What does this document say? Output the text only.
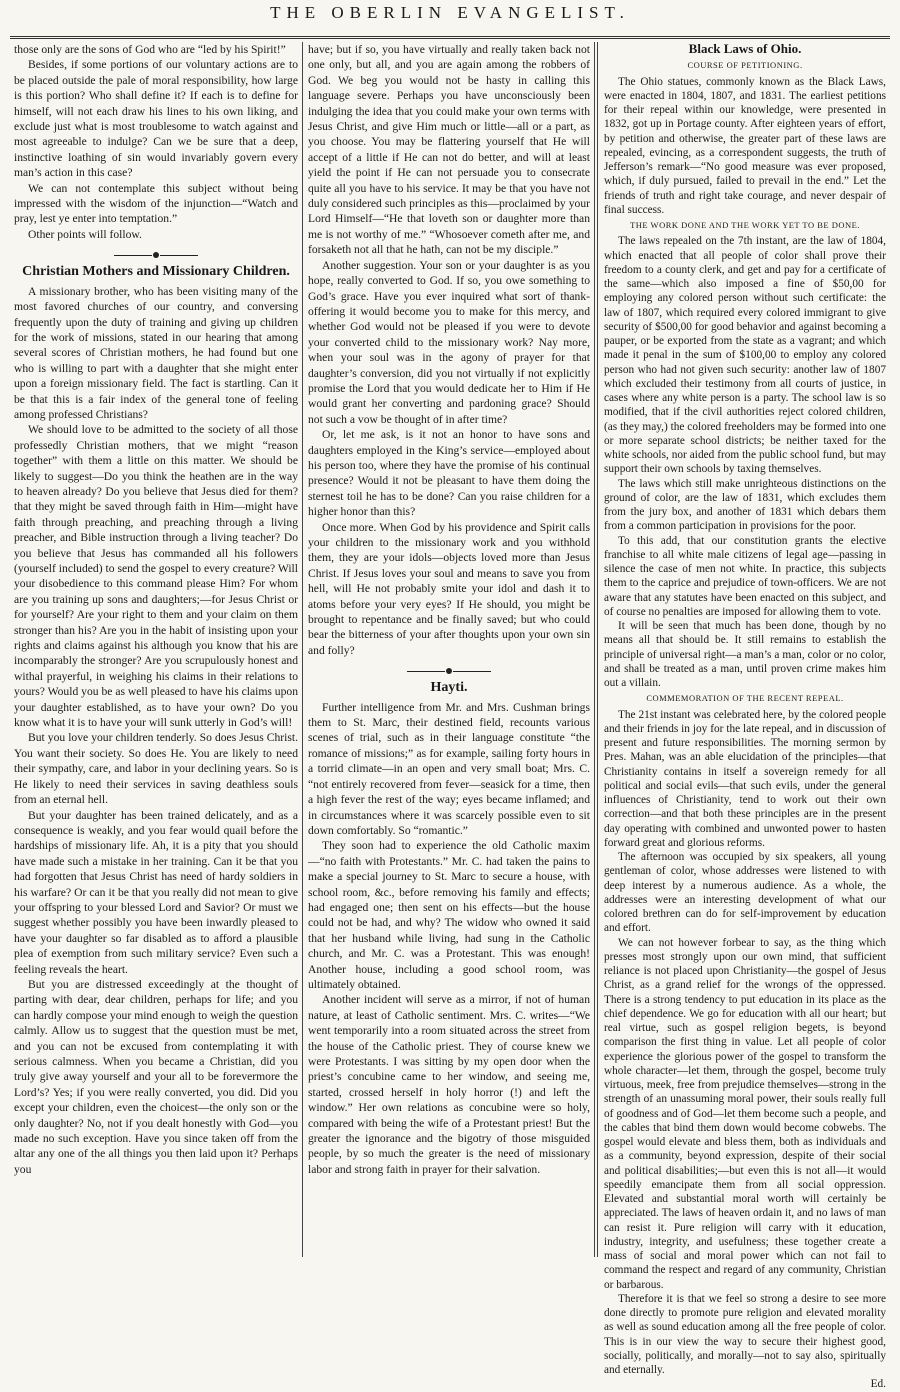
THE OBERLIN EVANGELIST.

those only are the sons of God who are “led by his Spirit!”

Besides, if some portions of our voluntary actions are to be placed outside the pale of moral responsibility, how large is this portion? Who shall define it? If each is to define for himself, will not each draw his lines to his own liking, and exclude just what is most troublesome to watch against and most agreeable to indulge? Can we be sure that a deep, instinctive loathing of sin would invariably govern every man’s action in this case?

We can not contemplate this subject without being impressed with the wisdom of the injunction—“Watch and pray, lest ye enter into temptation.”

Other points will follow.

Christian Mothers and Missionary Children.

A missionary brother, who has been visiting many of the most favored churches of our country, and conversing frequently upon the duty of training and giving up children for the work of missions, stated in our hearing that among several scores of Christian mothers, he had found but one who is willing to part with a daughter that she might enter upon a foreign missionary field. The fact is startling. Can it be that this is a fair index of the general tone of feeling among professed Christians?

We should love to be admitted to the society of all those professedly Christian mothers, that we might “reason together” with them a little on this matter. We should be likely to suggest—Do you think the heathen are in the way to heaven already? Do you believe that Jesus died for them? that they might be saved through faith in Him—might have faith through preaching, and preaching through a living preacher, and Bible instruction through a living teacher? Do you believe that Jesus has commanded all his followers (yourself included) to send the gospel to every creature? Will your disobedience to this command please Him? For whom are you training up sons and daughters;—for Jesus Christ or for yourself? Are your right to them and your claim on them stronger than his? Are you in the habit of insisting upon your rights and claims against his although you know that his are incomparably the stronger? Are you scrupulously honest and withal prayerful, in weighing his claims in their relations to yours? Would you be as well pleased to have his claims upon your daughter established, as to have your own? Do you know what it is to have your will sunk utterly in God’s will!

But you love your children tenderly. So does Jesus Christ. You want their society. So does He. You are likely to need their sympathy, care, and labor in your declining years. So is He likely to need their services in saving deathless souls from an eternal hell.

But your daughter has been trained delicately, and as a consequence is weakly, and you fear would quail before the hardships of missionary life. Ah, it is a pity that you should have made such a mistake in her training. Can it be that you had forgotten that Jesus Christ has need of hardy soldiers in his warfare? Or can it be that you really did not mean to give your offspring to your blessed Lord and Savior? Or must we suggest whether possibly you have been inwardly pleased to have your daughter so far disabled as to afford a plausible plea of exemption from such military service? Even such a feeling reveals the heart.

But you are distressed exceedingly at the thought of parting with dear, dear children, perhaps for life; and you can hardly compose your mind enough to weigh the question calmly. Allow us to suggest that the question must be met, and you can not be excused from contemplating it with serious calmness. When you became a Christian, did you truly give away yourself and your all to be forevermore the Lord’s? Yes; if you were really converted, you did. Did you except your children, even the choicest—the only son or the only daughter? No, not if you dealt honestly with God—you made no such exception. Have you since taken off from the altar any one of the all things you then laid upon it? Perhaps you

have; but if so, you have virtually and really taken back not one only, but all, and you are again among the robbers of God. We beg you would not be hasty in calling this language severe. Perhaps you have unconsciously been indulging the idea that you could make your own terms with Jesus Christ, and give Him much or little—all or a part, as you choose. You may be flattering yourself that He will accept of a little if He can not do better, and will at least yield the point if He can not persuade you to consecrate quite all you have to his service. It may be that you have not duly considered such principles as this—proclaimed by your Lord Himself—“He that loveth son or daughter more than me is not worthy of me.” “Whosoever cometh after me, and forsaketh not all that he hath, can not be my disciple.”

Another suggestion. Your son or your daughter is as you hope, really converted to God. If so, you owe something to God’s grace. Have you ever inquired what sort of thank-offering it would become you to make for this mercy, and whether God would not be pleased if you were to devote your converted child to the missionary work? Nay more, when your soul was in the agony of prayer for that daughter’s conversion, did you not virtually if not explicitly promise the Lord that you would dedicate her to Him if He would grant her converting and pardoning grace? Should not such a vow be thought of in after time?

Or, let me ask, is it not an honor to have sons and daughters employed in the King’s service—employed about his person too, where they have the promise of his continual presence? Would it not be pleasant to have them doing the sternest toil he has to be done? Can you raise children for a higher honor than this?

Once more. When God by his providence and Spirit calls your children to the missionary work and you withhold them, they are your idols—objects loved more than Jesus Christ. If Jesus loves your soul and means to save you from hell, will He not probably smite your idol and dash it to atoms before your very eyes? If He should, you might be brought to repentance and be finally saved; but who could bear the bitterness of your after thoughts upon your own sin and folly?

Hayti.

Further intelligence from Mr. and Mrs. Cushman brings them to St. Marc, their destined field, recounts various scenes of trial, such as in their language constitute “the romance of missions;” as for example, sailing forty hours in a torrid climate—in an open and very small boat; Mrs. C. “not entirely recovered from fever—seasick for a time, then a high fever the rest of the way; eyes became inflamed; and in circumstances where it was scarcely possible even to sit down comfortably. So “romantic.”

They soon had to experience the old Catholic maxim—“no faith with Protestants.” Mr. C. had taken the pains to make a special journey to St. Marc to secure a house, with school room, &c., before removing his family and effects; had engaged one; then sent on his effects—but the house could not be had, and why? The widow who owned it said that her husband while living, had sung in the Catholic church, and Mr. C. was a Protestant. This was enough! Another house, including a good school room, was ultimately obtained.

Another incident will serve as a mirror, if not of human nature, at least of Catholic sentiment. Mrs. C. writes—“We went temporarily into a room situated across the street from the house of the Catholic priest. They of course knew we were Protestants. I was sitting by my open door when the priest’s concubine came to her window, and seeing me, started, crossed herself in holy horror (!) and left the window.” Her own relations as concubine were so holy, compared with being the wife of a Protestant priest! But the greater the ignorance and the bigotry of those misguided people, by so much the greater is the need of missionary labor and strong faith in prayer for their salvation.

Black Laws of Ohio.
COURSE OF PETITIONING.

The Ohio statues, commonly known as the Black Laws, were enacted in 1804, 1807, and 1831. The earliest petitions for their repeal within our knowledge, were presented in 1832, got up in Portage county. After eighteen years of effort, by petition and otherwise, the greater part of these laws are repealed, evincing, as a correspondent suggests, the truth of Jefferson’s remark—“No good measure was ever proposed, which, if duly pursued, failed to prevail in the end.” Let the friends of truth and right take courage, and never despair of final success.

THE WORK DONE AND THE WORK YET TO BE DONE.

The laws repealed on the 7th instant, are the law of 1804, which enacted that all people of color shall prove their freedom to a county clerk, and get and pay for a certificate of the same—which also imposed a fine of $50,00 for employing any colored person without such certificate: the law of 1807, which required every colored immigrant to give security of $500,00 for good behavior and against becoming a pauper, or be exported from the state as a vagrant; and which made it penal in the sum of $100,00 to employ any colored person who had not given such security: another law of 1807 which excluded their testimony from all courts of justice, in cases where any white person is a party. The school law is so modified, that if the civil authorities reject colored children, (as they may,) the colored freeholders may be formed into one or more separate school districts; be neither taxed for the white schools, nor aided from the public school fund, but may support their own schools by taxing themselves.

The laws which still make unrighteous distinctions on the ground of color, are the law of 1831, which excludes them from the jury box, and another of 1831 which debars them from a common participation in provisions for the poor.

To this add, that our constitution grants the elective franchise to all white male citizens of legal age—passing in silence the case of men not white. In practice, this subjects them to the caprice and prejudice of town-officers. We are not aware that any statutes have been enacted on this subject, and of course no penalties are imposed for allowing them to vote.

It will be seen that much has been done, though by no means all that should be. It still remains to establish the principle of universal right—a man’s a man, color or no color, and shall be treated as a man, until proven crime makes him out a villain.

COMMEMORATION OF THE RECENT REPEAL.

The 21st instant was celebrated here, by the colored people and their friends in joy for the late repeal, and in discussion of present and future responsibilities. The morning sermon by Pres. Mahan, was an able elucidation of the principles—that Christianity contains in itself a sovereign remedy for all political and social evils—that such evils, under the general influences of Christianity, tend to work out their own correction—and that both these principles are in the present day operating with combined and unwonted power to hasten forward great and glorious reforms.

The afternoon was occupied by six speakers, all young gentleman of color, whose addresses were listened to with deep interest by a numerous audience. As a whole, the addresses were an interesting development of what our colored brethren can do for self-improvement by education and effort.

We can not however forbear to say, as the thing which presses most strongly upon our own mind, that sufficient reliance is not placed upon Christianity—the gospel of Jesus Christ, as a grand relief for the wrongs of the oppressed. There is a strong tendency to put education in its place as the chief dependence. We go for education with all our heart; but real virtue, such as gospel religion begets, is beyond comparison the first thing in value. Let all people of color experience the glorious power of the gospel to transform the whole character—let them, through the gospel, become truly virtuous, meek, free from prejudice themselves—strong in the strength of an unassuming moral power, their souls really full of goodness and of God—let them become such a people, and the cables that bind them down would become cobwebs. The gospel would elevate and bless them, both as individuals and as a community, beyond expression, despite of their social and political disabilities;—but even this is not all—it would speedily emancipate them from all social oppression. Elevated and substantial moral worth will certainly be appreciated. The laws of heaven ordain it, and no laws of man can resist it. Pure religion will carry with it education, industry, integrity, and usefulness; these together create a mass of social and moral power which can not fail to command the respect and regard of any community, Christian or barbarous.

Therefore it is that we feel so strong a desire to see more done directly to promote pure religion and elevated morality as well as sound education among all the free people of color. This is in our view the way to secure their highest good, socially, politically, and morally—not to say also, spiritually and eternally.

Ed.
